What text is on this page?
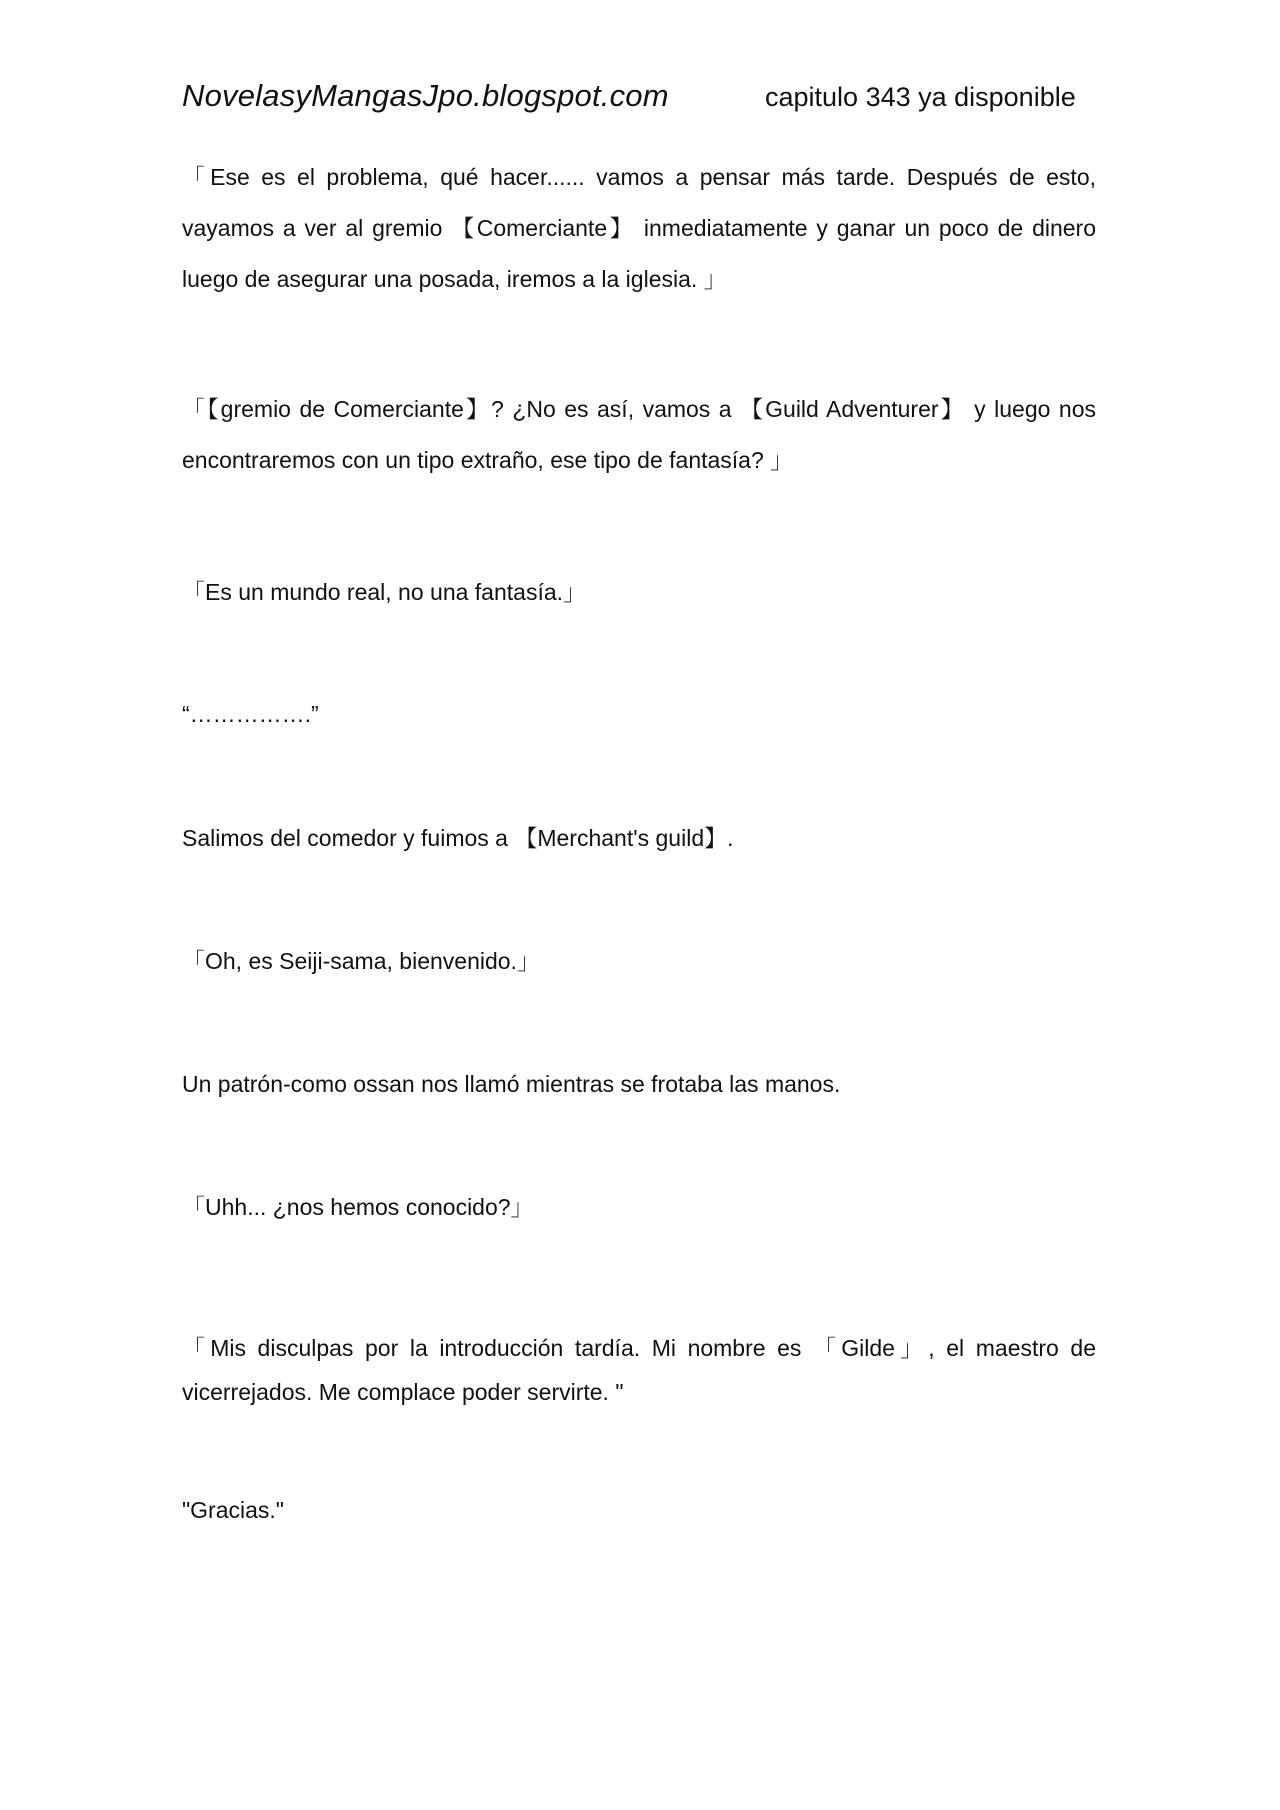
NovelasyMangasJpo.blogspot.com	capitulo 343 ya disponible

「Ese es el problema, qué hacer...... vamos a pensar más tarde. Después de esto, vayamos a ver al gremio 【Comerciante】 inmediatamente y ganar un poco de dinero luego de asegurar una posada, iremos a la iglesia. 」

「【gremio de Comerciante】? ¿No es así, vamos a 【Guild Adventurer】 y luego nos encontraremos con un tipo extraño, ese tipo de fantasía? 」

「Es un mundo real, no una fantasía.」

“…………….”

Salimos del comedor y fuimos a 【Merchant's guild】.

「Oh, es Seiji-sama, bienvenido.」

Un patrón-como ossan nos llamó mientras se frotaba las manos.

「Uhh... ¿nos hemos conocido?」

「Mis disculpas por la introducción tardía. Mi nombre es 「Gilde」, el maestro de vicerrejados. Me complace poder servirte. "

"Gracias."
